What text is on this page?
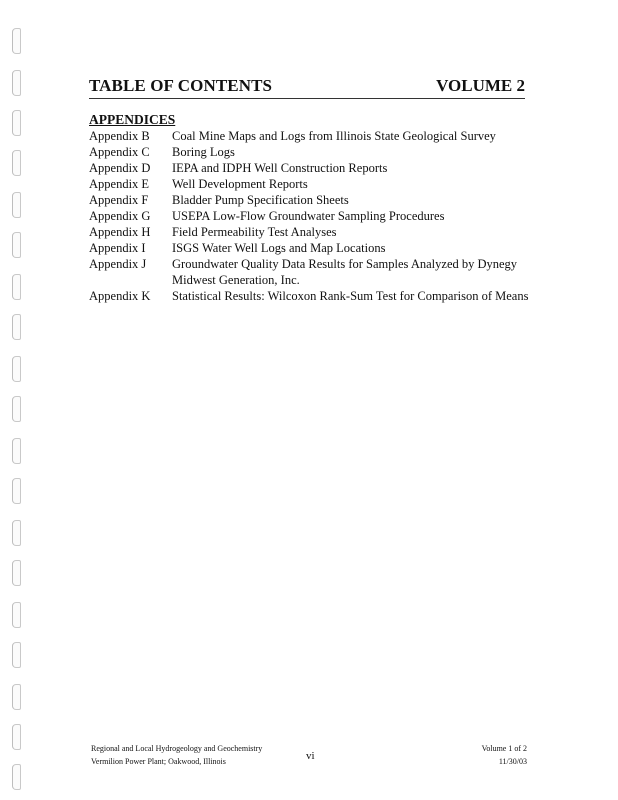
TABLE OF CONTENTS	VOLUME 2
APPENDICES
Appendix B	Coal Mine Maps and Logs from Illinois State Geological Survey
Appendix C	Boring Logs
Appendix D	IEPA and IDPH Well Construction Reports
Appendix E	Well Development Reports
Appendix F	Bladder Pump Specification Sheets
Appendix G	USEPA Low-Flow Groundwater Sampling Procedures
Appendix H	Field Permeability Test Analyses
Appendix I	ISGS Water Well Logs and Map Locations
Appendix J	Groundwater Quality Data Results for Samples Analyzed by Dynegy Midwest Generation, Inc.
Appendix K	Statistical Results: Wilcoxon Rank-Sum Test for Comparison of Means
Regional and Local Hydrogeology and Geochemistry
Vermilion Power Plant; Oakwood, Illinois	vi
Volume 1 of 2
11/30/03
